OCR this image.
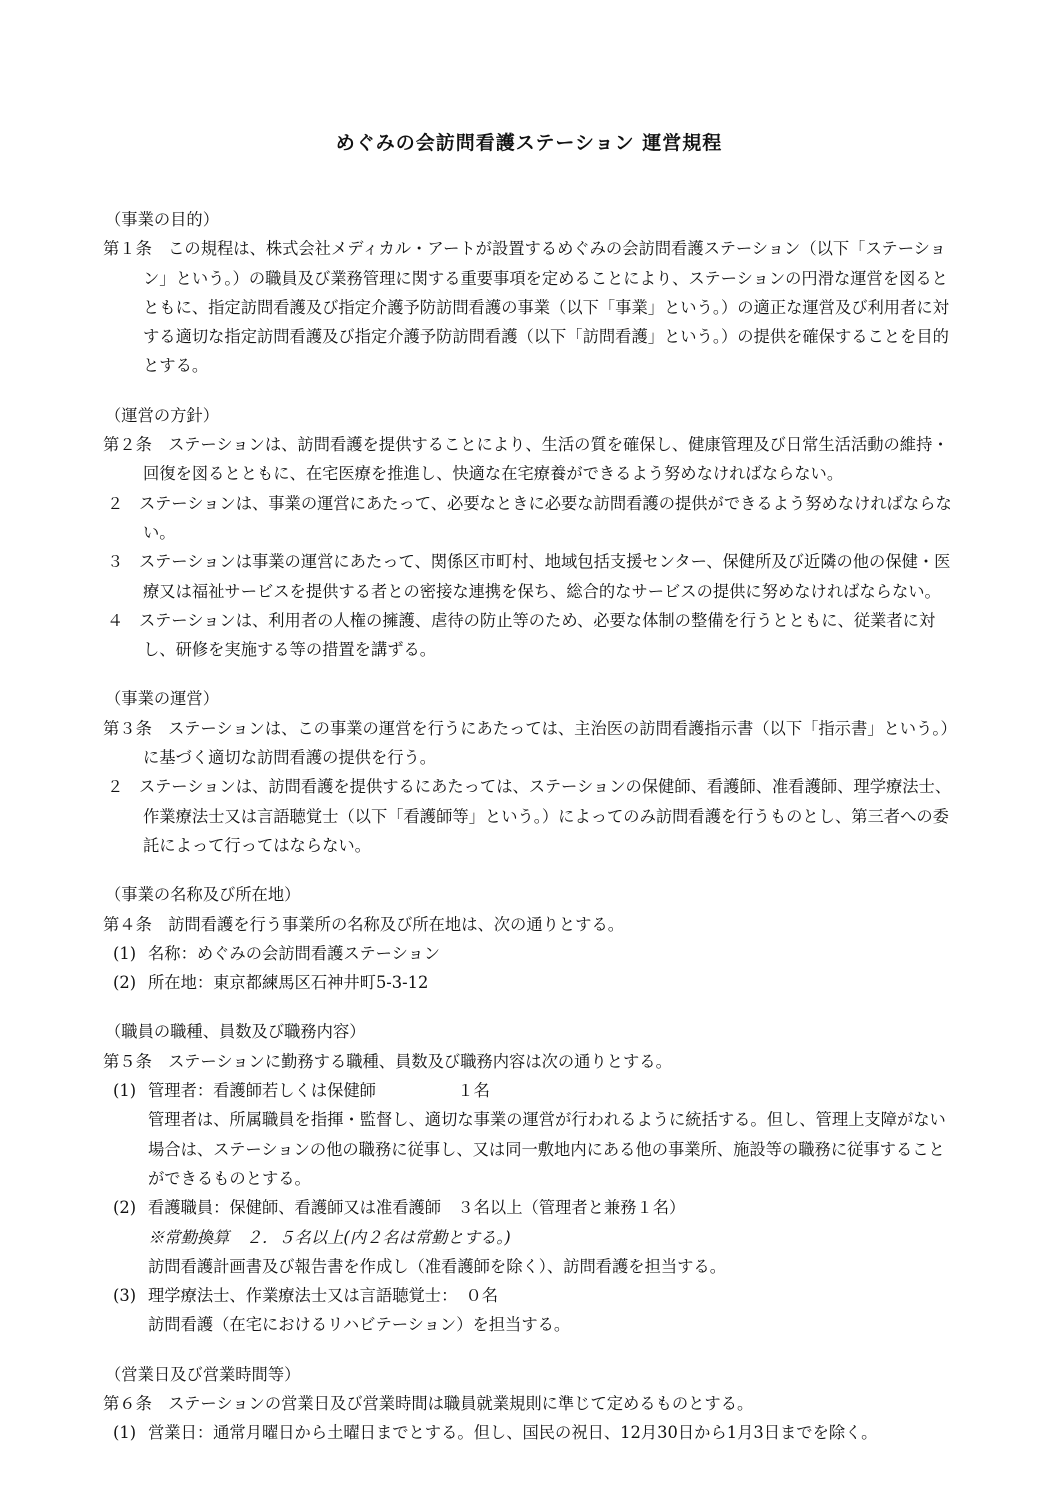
めぐみの会訪問看護ステーション 運営規程
（事業の目的）
第１条　この規程は、株式会社メディカル・アートが設置するめぐみの会訪問看護ステーション（以下「ステーション」という。）の職員及び業務管理に関する重要事項を定めることにより、ステーションの円滑な運営を図るとともに、指定訪問看護及び指定介護予防訪問看護の事業（以下「事業」という。）の適正な運営及び利用者に対する適切な指定訪問看護及び指定介護予防訪問看護（以下「訪問看護」という。）の提供を確保することを目的とする。
（運営の方針）
第２条　ステーションは、訪問看護を提供することにより、生活の質を確保し、健康管理及び日常生活活動の維持・回復を図るとともに、在宅医療を推進し、快適な在宅療養ができるよう努めなければならない。
２ ステーションは、事業の運営にあたって、必要なときに必要な訪問看護の提供ができるよう努めなければならない。
３ ステーションは事業の運営にあたって、関係区市町村、地域包括支援センター、保健所及び近隣の他の保健・医療又は福祉サービスを提供する者との密接な連携を保ち、総合的なサービスの提供に努めなければならない。
４ ステーションは、利用者の人権の擁護、虐待の防止等のため、必要な体制の整備を行うとともに、従業者に対し、研修を実施する等の措置を講ずる。
（事業の運営）
第３条　ステーションは、この事業の運営を行うにあたっては、主治医の訪問看護指示書（以下「指示書」という。）に基づく適切な訪問看護の提供を行う。
２ ステーションは、訪問看護を提供するにあたっては、ステーションの保健師、看護師、准看護師、理学療法士、作業療法士又は言語聴覚士（以下「看護師等」という。）によってのみ訪問看護を行うものとし、第三者への委託によって行ってはならない。
（事業の名称及び所在地）
第４条　訪問看護を行う事業所の名称及び所在地は、次の通りとする。
(1) 名称：めぐみの会訪問看護ステーション
(2) 所在地：東京都練馬区石神井町5-3-12
（職員の職種、員数及び職務内容）
第５条　ステーションに勤務する職種、員数及び職務内容は次の通りとする。
(1) 管理者：看護師若しくは保健師　　　　　１名
管理者は、所属職員を指揮・監督し、適切な事業の運営が行われるように統括する。但し、管理上支障がない場合は、ステーションの他の職務に従事し、又は同一敷地内にある他の事業所、施設等の職務に従事することができるものとする。
(2) 看護職員：保健師、看護師又は准看護師　３名以上（管理者と兼務１名）
※常勤換算　２．５名以上(内２名は常勤とする。)
訪問看護計画書及び報告書を作成し（准看護師を除く）、訪問看護を担当する。
(3) 理学療法士、作業療法士又は言語聴覚士：　０名
訪問看護（在宅におけるリハビテーション）を担当する。
（営業日及び営業時間等）
第６条　ステーションの営業日及び営業時間は職員就業規則に準じて定めるものとする。
(1) 営業日：通常月曜日から土曜日までとする。但し、国民の祝日、12月30日から1月3日までを除く。
